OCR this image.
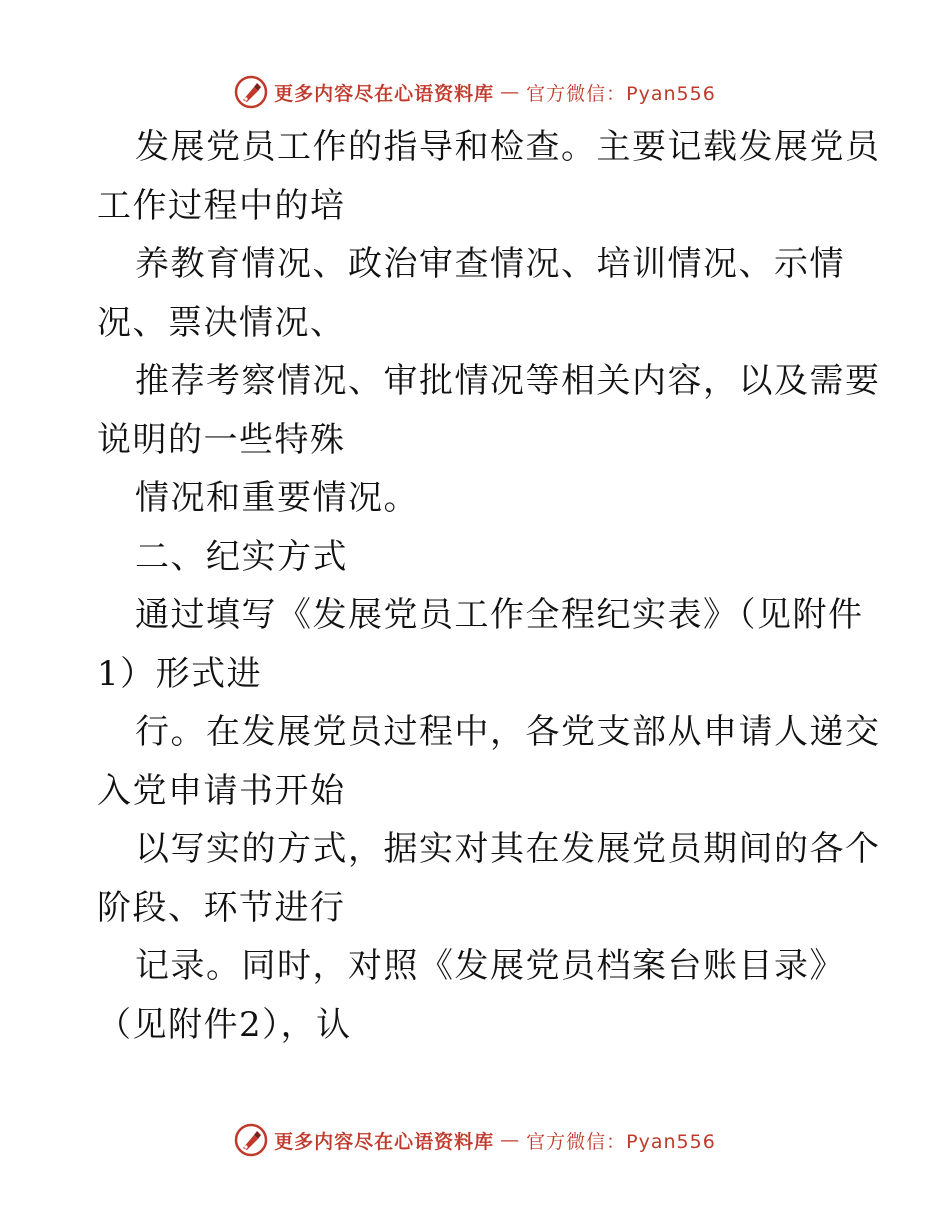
更多内容尽在心语资料库 — 官方微信：Pyan556
发展党员工作的指导和检查。主要记载发展党员
工作过程中的培
养教育情况、政治审查情况、培训情况、示情
况、票决情况、
推荐考察情况、审批情况等相关内容，以及需要
说明的一些特殊
情况和重要情况。
二、纪实方式
通过填写《发展党员工作全程纪实表》（见附件
1）形式进
行。在发展党员过程中，各党支部从申请人递交
入党申请书开始
以写实的方式，据实对其在发展党员期间的各个
阶段、环节进行
记录。同时，对照《发展党员档案台账目录》
（见附件2），认
更多内容尽在心语资料库 — 官方微信：Pyan556
